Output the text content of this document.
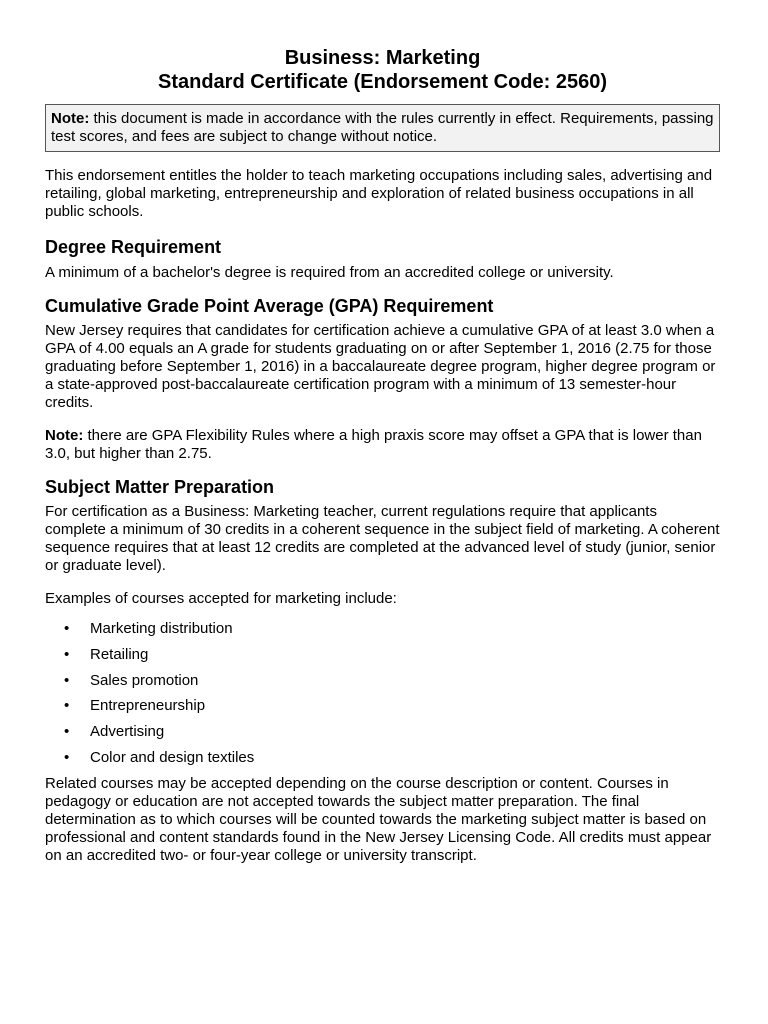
Business: Marketing
Standard Certificate (Endorsement Code: 2560)
Note: this document is made in accordance with the rules currently in effect. Requirements, passing test scores, and fees are subject to change without notice.

This endorsement entitles the holder to teach marketing occupations including sales, advertising and retailing, global marketing, entrepreneurship and exploration of related business occupations in all public schools.

Degree Requirement

A minimum of a bachelor's degree is required from an accredited college or university.

Cumulative Grade Point Average (GPA) Requirement

New Jersey requires that candidates for certification achieve a cumulative GPA of at least 3.0 when a GPA of 4.00 equals an A grade for students graduating on or after September 1, 2016 (2.75 for those graduating before September 1, 2016) in a baccalaureate degree program, higher degree program or a state-approved post-baccalaureate certification program with a minimum of 13 semester-hour credits.

Note: there are GPA Flexibility Rules where a high praxis score may offset a GPA that is lower than 3.0, but higher than 2.75.

Subject Matter Preparation

For certification as a Business: Marketing teacher, current regulations require that applicants complete a minimum of 30 credits in a coherent sequence in the subject field of marketing. A coherent sequence requires that at least 12 credits are completed at the advanced level of study (junior, senior or graduate level).

Examples of courses accepted for marketing include:

• Marketing distribution
• Retailing
• Sales promotion
• Entrepreneurship
• Advertising
• Color and design textiles

Related courses may be accepted depending on the course description or content. Courses in pedagogy or education are not accepted towards the subject matter preparation. The final determination as to which courses will be counted towards the marketing subject matter is based on professional and content standards found in the New Jersey Licensing Code. All credits must appear on an accredited two- or four-year college or university transcript.
